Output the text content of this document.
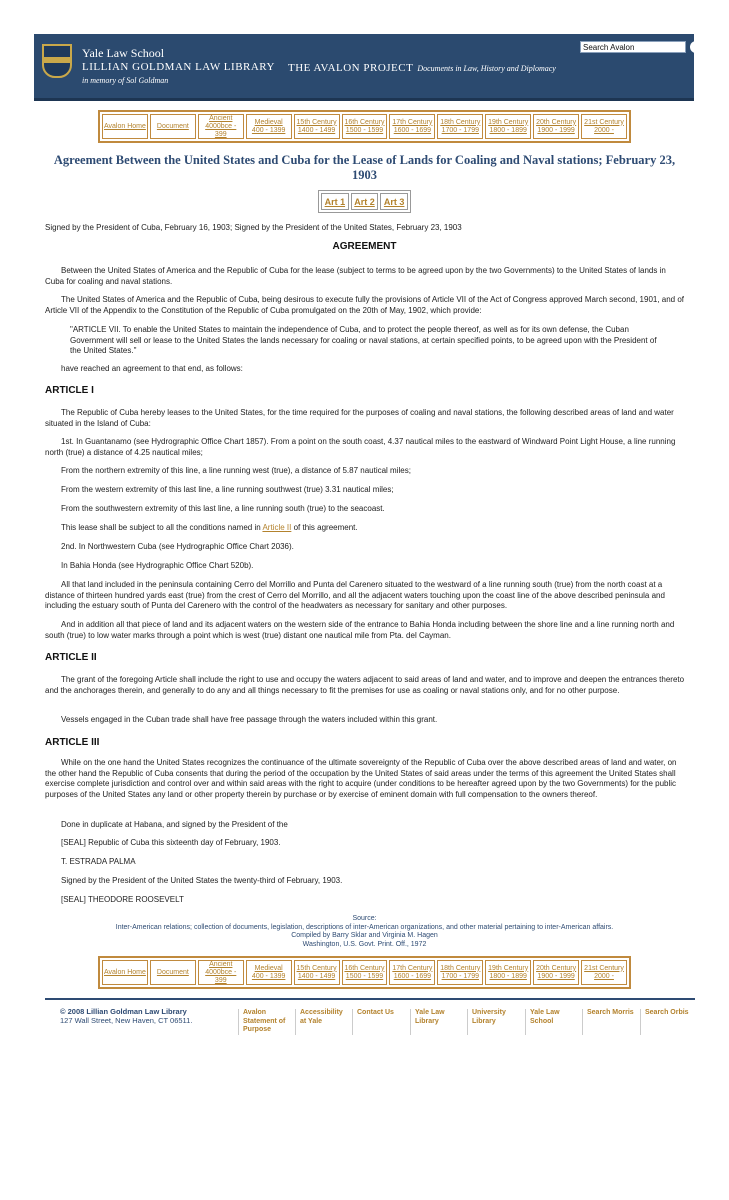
Yale Law School
LILLIAN GOLDMAN LAW LIBRARY
in memory of Sol Goldman
THE AVALON PROJECT Documents in Law, History and Diplomacy
Search Avalon
Avalon Home Document
Ancient
4000bce - 399
Medieval
400 - 1399
15th Century
1400 - 1499
16th Century
1500 - 1599
17th Century
1600 - 1699
18th Century
1700 - 1799
19th Century
1800 - 1899
20th Century
1900 - 1999
21st Century
2000 -
Agreement Between the United States and Cuba for the Lease of Lands for Coaling and Naval stations; February 23, 1903
Art 1	Art 2	Art 3
Signed by the President of Cuba, February 16, 1903; Signed by the President of the United States, February 23, 1903
AGREEMENT
Between the United States of America and the Republic of Cuba for the lease (subject to terms to be agreed upon by the two Governments) to the United States of lands in Cuba for coaling and naval stations.
The United States of America and the Republic of Cuba, being desirous to execute fully the provisions of Article VII of the Act of Congress approved March second, 1901, and of Article VII of the Appendix to the Constitution of the Republic of Cuba promulgated on the 20th of May, 1902, which provide:
"ARTICLE VII. To enable the United States to maintain the independence of Cuba, and to protect the people thereof, as well as for its own defense, the Cuban Government will sell or lease to the United States the lands necessary for coaling or naval stations, at certain specified points, to be agreed upon with the President of the United States."
have reached an agreement to that end, as follows:
ARTICLE I
The Republic of Cuba hereby leases to the United States, for the time required for the purposes of coaling and naval stations, the following described areas of land and water situated in the Island of Cuba:
1st. In Guantanamo (see Hydrographic Office Chart 1857). From a point on the south coast, 4.37 nautical miles to the eastward of Windward Point Light House, a line running north (true) a distance of 4.25 nautical miles;
From the northern extremity of this line, a line running west (true), a distance of 5.87 nautical miles;
From the western extremity of this last line, a line running southwest (true) 3.31 nautical miles;
From the southwestern extremity of this last line, a line running south (true) to the seacoast.
This lease shall be subject to all the conditions named in Article II of this agreement.
2nd. In Northwestern Cuba (see Hydrographic Office Chart 2036).
In Bahia Honda (see Hydrographic Office Chart 520b).
All that land included in the peninsula containing Cerro del Morrillo and Punta del Carenero situated to the westward of a line running south (true) from the north coast at a distance of thirteen hundred yards east (true) from the crest of Cerro del Morrillo, and all the adjacent waters touching upon the coast line of the above described peninsula and including the estuary south of Punta del Carenero with the control of the headwaters as necessary for sanitary and other purposes.
And in addition all that piece of land and its adjacent waters on the western side of the entrance to Bahia Honda including between the shore line and a line running north and south (true) to low water marks through a point which is west (true) distant one nautical mile from Pta. del Cayman.
ARTICLE II
The grant of the foregoing Article shall include the right to use and occupy the waters adjacent to said areas of land and water, and to improve and deepen the entrances thereto and the anchorages therein, and generally to do any and all things necessary to fit the premises for use as coaling or naval stations only, and for no other purpose.
Vessels engaged in the Cuban trade shall have free passage through the waters included within this grant.
ARTICLE III
While on the one hand the United States recognizes the continuance of the ultimate sovereignty of the Republic of Cuba over the above described areas of land and water, on the other hand the Republic of Cuba consents that during the period of the occupation by the United States of said areas under the terms of this agreement the United States shall exercise complete jurisdiction and control over and within said areas with the right to acquire (under conditions to be hereafter agreed upon by the two Governments) for the public purposes of the United States any land or other property therein by purchase or by exercise of eminent domain with full compensation to the owners thereof.
Done in duplicate at Habana, and signed by the President of the
[SEAL] Republic of Cuba this sixteenth day of February, 1903.
T. ESTRADA PALMA
Signed by the President of the United States the twenty-third of February, 1903.
[SEAL] THEODORE ROOSEVELT
Source:
Inter-American relations; collection of documents, legislation, descriptions of inter-American organizations, and other material pertaining to inter-American affairs.
Compiled by Barry Sklar and Virginia M. Hagen
Washington, U.S. Govt. Print. Off., 1972
Avalon Home Document
Ancient
4000bce - 399
Medieval
400 - 1399
15th Century
1400 - 1499
16th Century
1500 - 1599
17th Century
1600 - 1699
18th Century
1700 - 1799
19th Century
1800 - 1899
20th Century
1900 - 1999
21st Century
2000 -
© 2008 Lillian Goldman Law Library
127 Wall Street, New Haven, CT 06511.
Avalon Statement of Purpose
Accessibility at Yale
Contact Us	Yale Law Library
University Library
Yale Law School
Search Morris	Search Orbis
